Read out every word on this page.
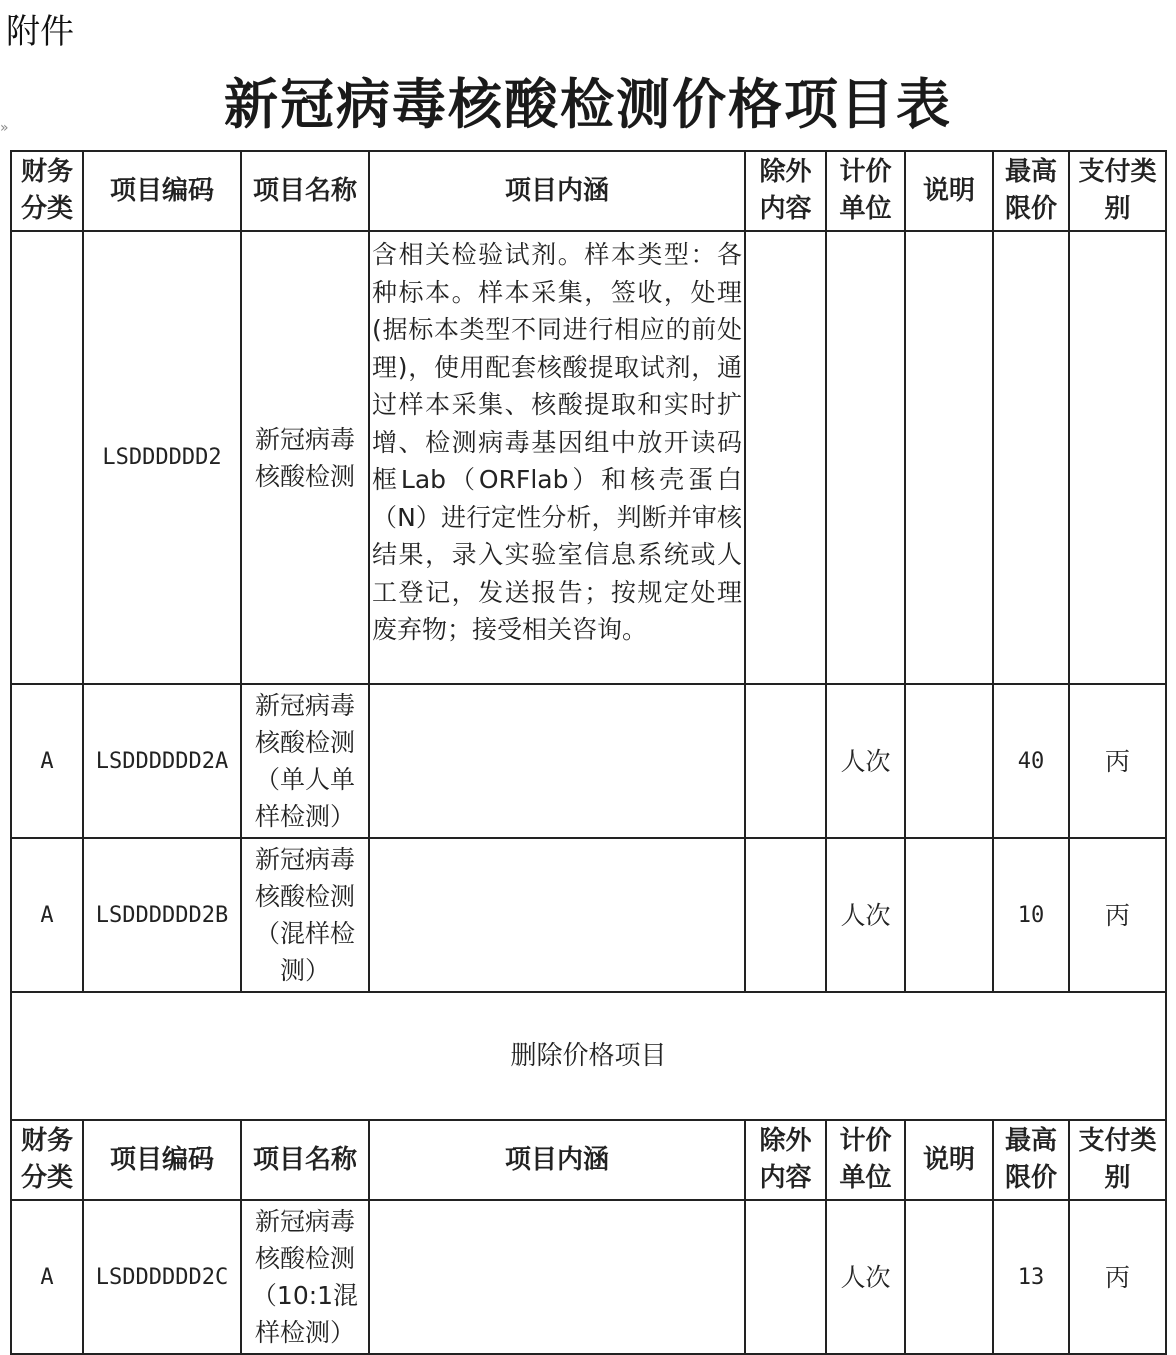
附件
»	新冠病毒核酸检测价格项目表
财务分类	项目编码	项目名称	项目内涵	除外内容	计价单位	说明	最高限价	支付类别
	LSDDDDDD2	新冠病毒核酸检测	含相关检验试剂。样本类型：各种标本。样本采集，签收，处理(据标本类型不同进行相应的前处理)，使用配套核酸提取试剂，通过样本采集、核酸提取和实时扩增、检测病毒基因组中放开读码框Lab（ORFlab）和核壳蛋白（N）进行定性分析，判断并审核结果，录入实验室信息系统或人工登记，发送报告；按规定处理废弃物；接受相关咨询。					
A	LSDDDDDD2A	新冠病毒核酸检测（单人单样检测）			人次		40	丙
A	LSDDDDDD2B	新冠病毒核酸检测（混样检测）			人次		10	丙
删除价格项目								
财务分类	项目编码	项目名称	项目内涵	除外内容	计价单位	说明	最高限价	支付类别
A	LSDDDDDD2C	新冠病毒核酸检测（10:1混样检测）			人次		13	丙
